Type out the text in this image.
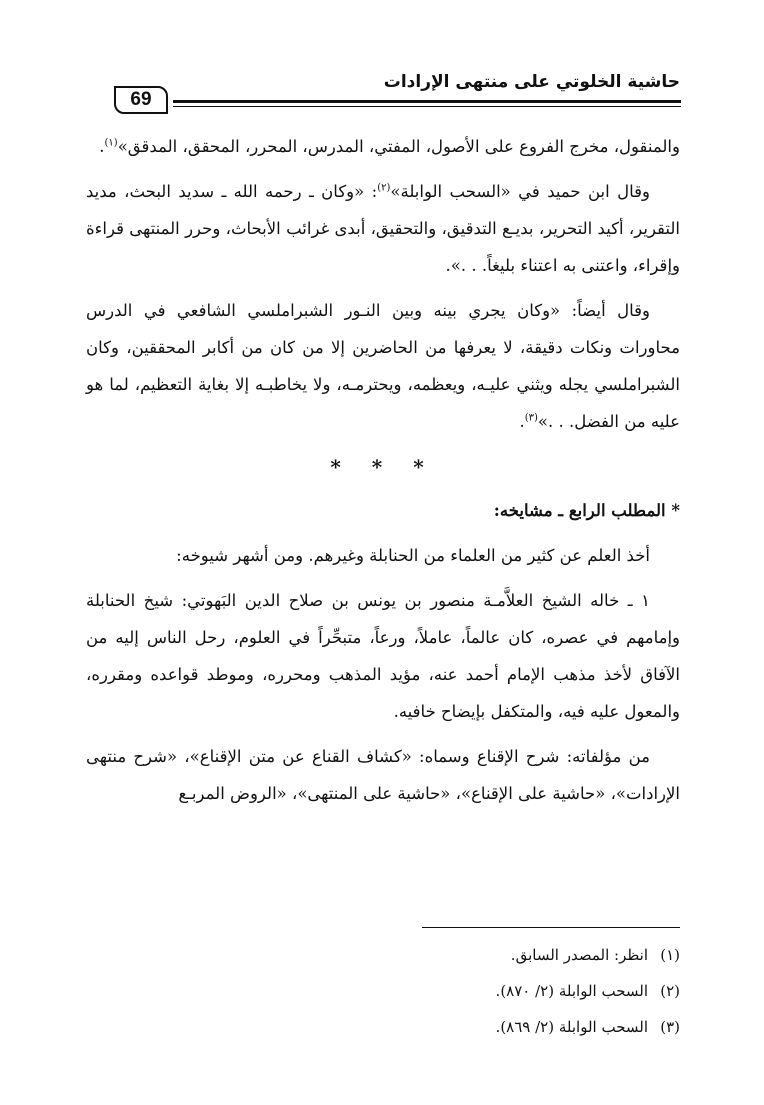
حاشية الخلوتي على منتهى الإرادات
69

والمنقول، مخرج الفروع على الأصول، المفتي، المدرس، المحرر، المحقق، المدقق»$^{(١)}$.

وقال ابن حميد في «السحب الوابلة»$^{(٢)}$: «وكان ـ رحمه الله ـ سديد البحث، مديد التقرير، أكيد التحرير، بديـع التدقيق، والتحقيق، أبدى غرائب الأبحاث، وحرر المنتهى قراءة وإقراء، واعتنى به اعتناء بليغاً. . .».

وقال أيضاً: «وكان يجري بينه وبين النـور الشبراملسي الشافعي في الدرس محاورات ونكات دقيقة، لا يعرفها من الحاضرين إلا من كان من أكابر المحققين، وكان الشبراملسي يجله ويثني عليـه، ويعظمه، ويحترمـه، ولا يخاطبـه إلا بغاية التعظيم، لما هو عليه من الفضل. . .»$^{(٣)}$.

* * *

* المطلب الرابع ـ مشايخه:

أخذ العلم عن كثير من العلماء من الحنابلة وغيرهم. ومن أشهر شيوخه:

١ ـ خاله الشيخ العلاَّمـة منصور بن يونس بن صلاح الدين البَهوتي: شيخ الحنابلة وإمامهم في عصره، كان عالماً، عاملاً، ورعاً، متبحِّراً في العلوم، رحل الناس إليه من الآفاق لأخذ مذهب الإمام أحمد عنه، مؤيد المذهب ومحرره، وموطد قواعده ومقرره، والمعول عليه فيه، والمتكفل بإيضاح خافيه.

من مؤلفاته: شرح الإقناع وسماه: «كشاف القناع عن متن الإقناع»، «شرح منتهى الإرادات»، «حاشية على الإقناع»، «حاشية على المنتهى»، «الروض المربـع

(١)
انظر: المصدر السابق.
(٢)
السحب الوابلة (٢/ ٨٧٠).
(٣)
السحب الوابلة (٢/ ٨٦٩).
